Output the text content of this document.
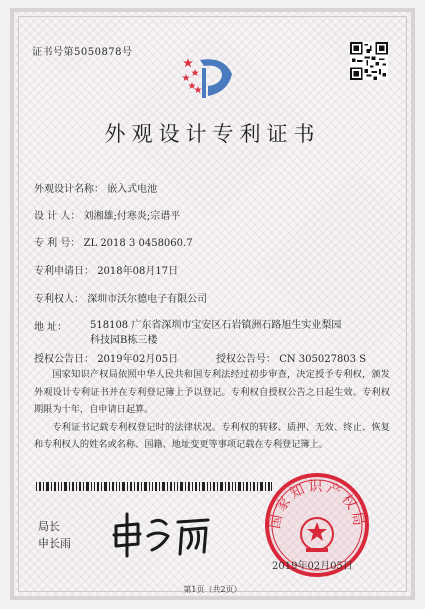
证书号第5050878号
外观设计专利证书
外观设计名称： 嵌入式电池
设 计 人： 刘湘雄;付寒炎;宗谱平
专 利 号： ZL 2018 3 0458060.7
专利申请日： 2018年08月17日
专利权人： 深圳市沃尔德电子有限公司
地 址： 518108 广东省深圳市宝安区石岩镇洲石路旭生实业梨园
科技园B栋三楼
授权公告日： 2019年02月05日	授权公告号： CN 305027803 S

国家知识产权局依照中华人民共和国专利法经过初步审查，决定授予专利权，颁发外观设计专利证书并在专利登记簿上予以登记。专利权自授权公告之日起生效。专利权期限为十年，自申请日起算。

专利证书记载专利权登记时的法律状况。专利权的转移、质押、无效、终止、恢复和专利权人的姓名或名称、国籍、地址变更等事项记载在专利登记簿上。

局长
申长雨
国家知识产权局
2019年02月05日
第1页（共2页）
